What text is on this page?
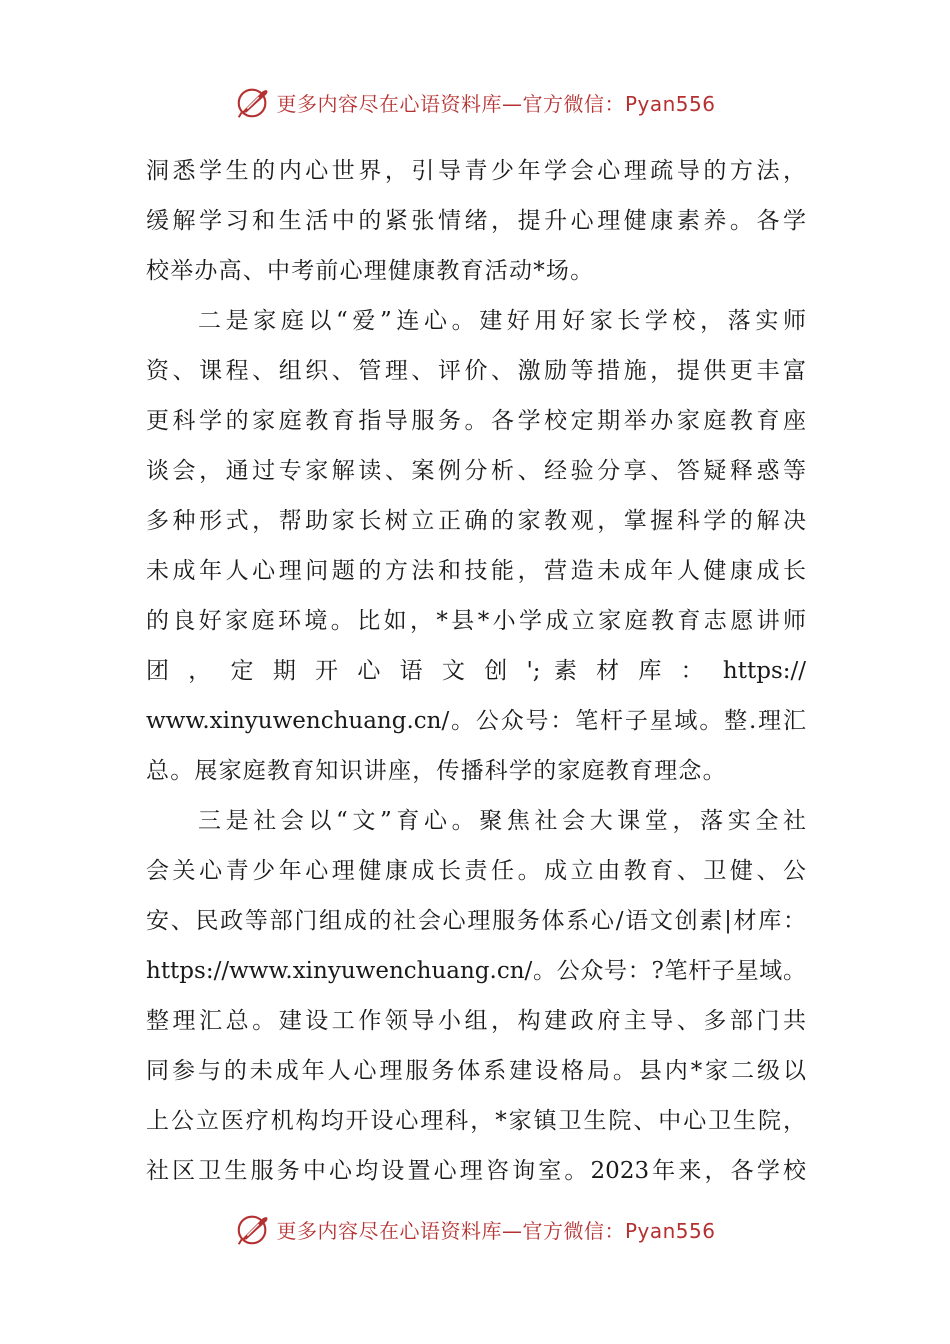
更多内容尽在心语资料库—官方微信：Pyan556
洞悉学生的内心世界，引导青少年学会心理疏导的方法，
缓解学习和生活中的紧张情绪，提升心理健康素养。各学
校举办高、中考前心理健康教育活动*场。
二是家庭以“爱”连心。建好用好家长学校，落实师
资、课程、组织、管理、评价、激励等措施，提供更丰富
更科学的家庭教育指导服务。各学校定期举办家庭教育座
谈会，通过专家解读、案例分析、经验分享、答疑释惑等
多种形式，帮助家长树立正确的家教观，掌握科学的解决
未成年人心理问题的方法和技能，营造未成年人健康成长
的良好家庭环境。比如，*县*小学成立家庭教育志愿讲师
团 ， 定 期 开 心 语 文 创 '; 素 材 库 ： https://
www.xinyuwenchuang.cn/。公众号：笔杆子星域。整.理汇
总。展家庭教育知识讲座，传播科学的家庭教育理念。
三是社会以“文”育心。聚焦社会大课堂，落实全社
会关心青少年心理健康成长责任。成立由教育、卫健、公
安、民政等部门组成的社会心理服务体系心/语文创素|材库：
https://www.xinyuwenchuang.cn/。公众号：?笔杆子星域。
整理汇总。建设工作领导小组，构建政府主导、多部门共
同参与的未成年人心理服务体系建设格局。县内*家二级以
上公立医疗机构均开设心理科，*家镇卫生院、中心卫生院，
社区卫生服务中心均设置心理咨询室。2023年来，各学校
更多内容尽在心语资料库—官方微信：Pyan556
